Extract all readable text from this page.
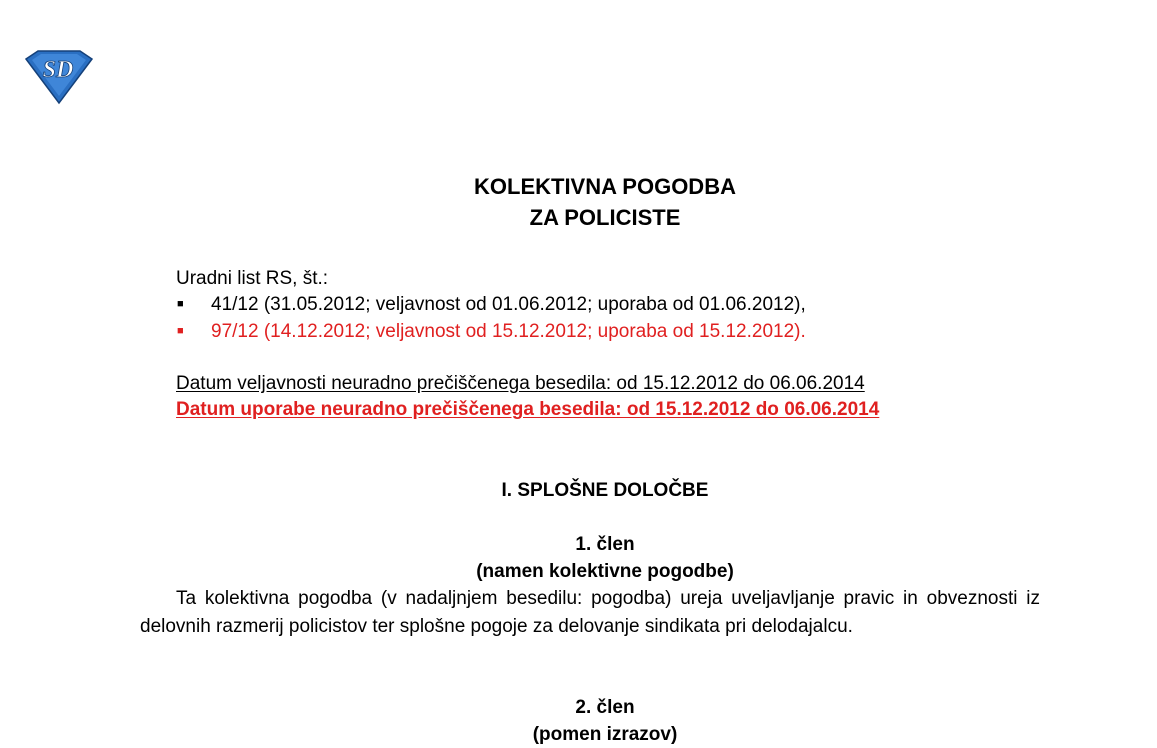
SD
KOLEKTIVNA POGODBA
ZA POLICISTE
Uradni list RS, št.:
■ 41/12 (31.05.2012; veljavnost od 01.06.2012; uporaba od 01.06.2012),
■ 97/12 (14.12.2012; veljavnost od 15.12.2012; uporaba od 15.12.2012).
Datum veljavnosti neuradno prečiščenega besedila: od 15.12.2012 do 06.06.2014
Datum uporabe neuradno prečiščenega besedila: od 15.12.2012 do 06.06.2014
I. SPLOŠNE DOLOČBE
1. člen
(namen kolektivne pogodbe)

Ta kolektivna pogodba (v nadaljnjem besedilu: pogodba) ureja uveljavljanje pravic in obveznosti iz delovnih razmerij policistov ter splošne pogoje za delovanje sindikata pri delodajalcu.

2. člen
(pomen izrazov)
